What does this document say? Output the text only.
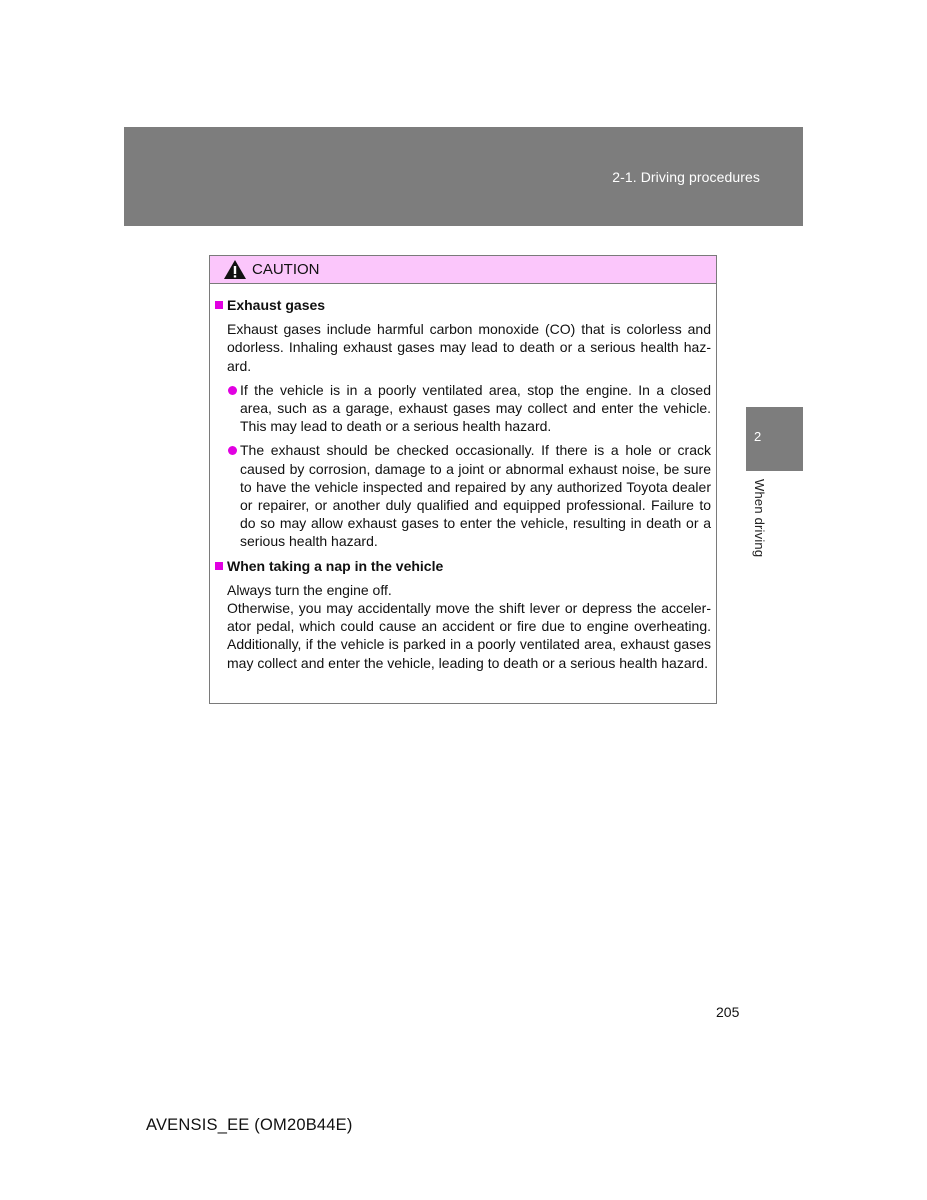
2-1. Driving procedures
2
When driving
CAUTION
Exhaust gases

Exhaust gases include harmful carbon monoxide (CO) that is colorless and odorless. Inhaling exhaust gases may lead to death or a serious health haz-ard.

If the vehicle is in a poorly ventilated area, stop the engine. In a closed area, such as a garage, exhaust gases may collect and enter the vehicle. This may lead to death or a serious health hazard.
The exhaust should be checked occasionally. If there is a hole or crack caused by corrosion, damage to a joint or abnormal exhaust noise, be sure to have the vehicle inspected and repaired by any authorized Toyota dealer or repairer, or another duly qualified and equipped professional. Failure to do so may allow exhaust gases to enter the vehicle, resulting in death or a serious health hazard.
When taking a nap in the vehicle

Always turn the engine off.

Otherwise, you may accidentally move the shift lever or depress the acceler-ator pedal, which could cause an accident or fire due to engine overheating. Additionally, if the vehicle is parked in a poorly ventilated area, exhaust gases may collect and enter the vehicle, leading to death or a serious health hazard.

205
AVENSIS_EE (OM20B44E)
